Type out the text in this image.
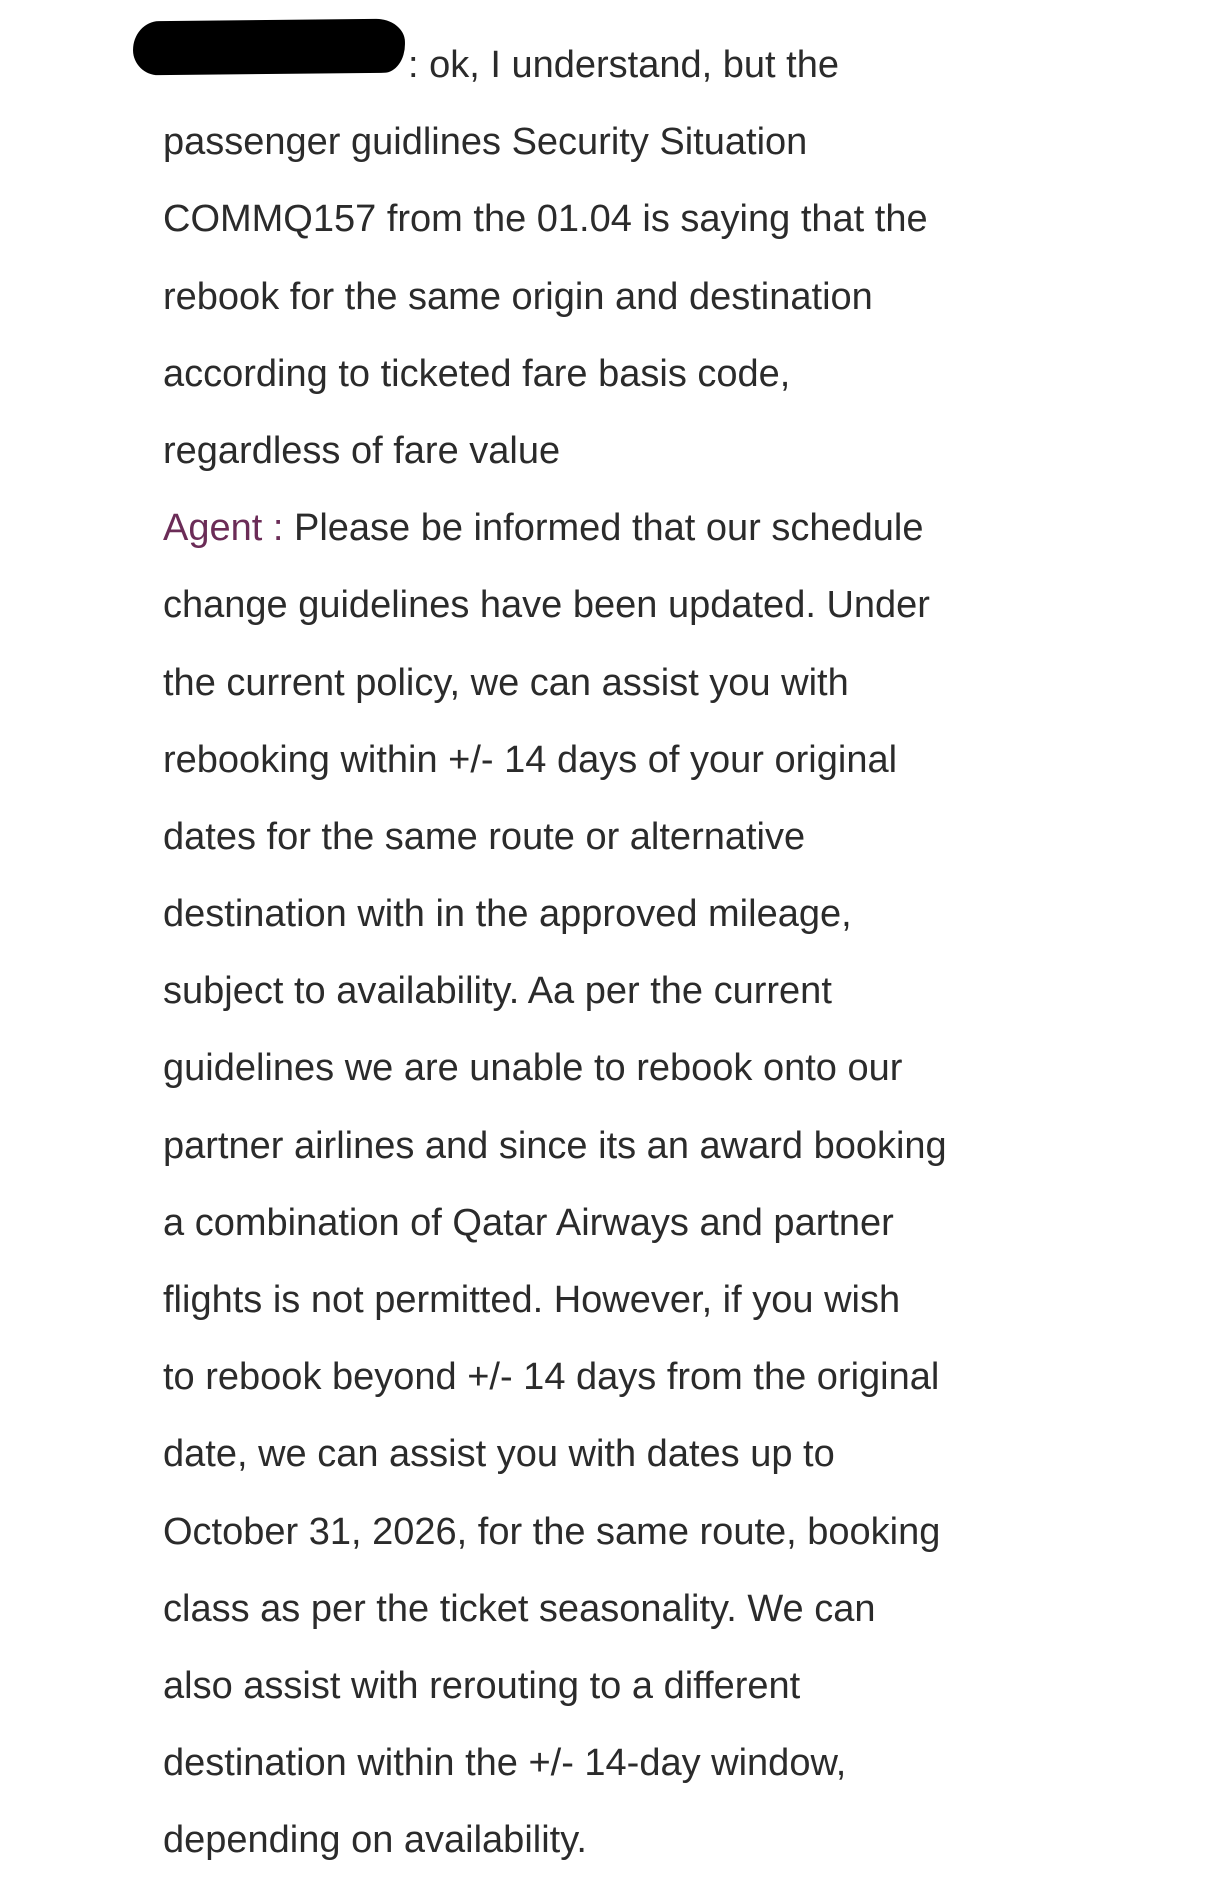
: ok, I understand, but the
passenger guidlines Security Situation
COMMQ157 from the 01.04 is saying that the
rebook for the same origin and destination
according to ticketed fare basis code,
regardless of fare value
Agent : Please be informed that our schedule
change guidelines have been updated. Under
the current policy, we can assist you with
rebooking within +/- 14 days of your original
dates for the same route or alternative
destination with in the approved mileage,
subject to availability. Aa per the current
guidelines we are unable to rebook onto our
partner airlines and since its an award booking
a combination of Qatar Airways and partner
flights is not permitted. However, if you wish
to rebook beyond +/- 14 days from the original
date, we can assist you with dates up to
October 31, 2026, for the same route, booking
class as per the ticket seasonality. We can
also assist with rerouting to a different
destination within the +/- 14-day window,
depending on availability.
